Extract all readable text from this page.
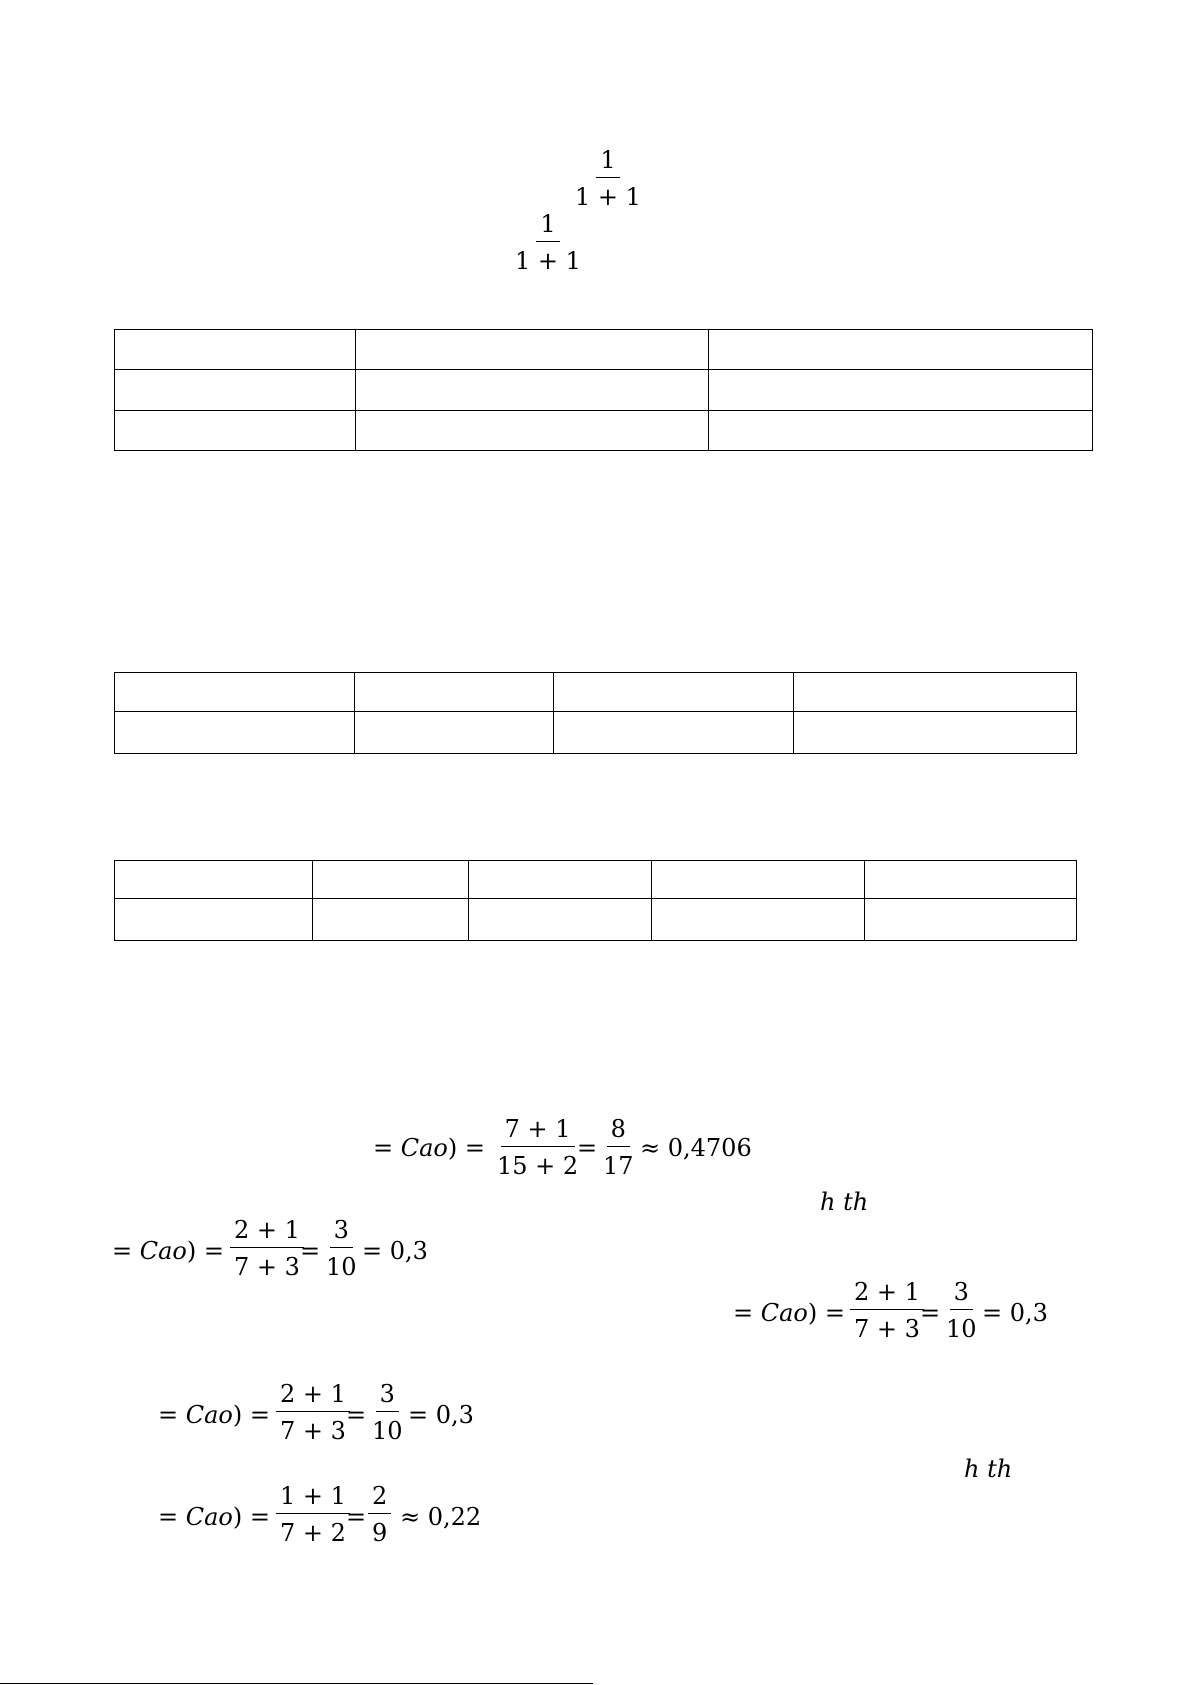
$\frac{1}{1 + 1}$
$\frac{1}{1 + 1}$

= $Cao) = \frac{7 + 1}{15 + 2}$
= $\frac{8}{17} \approx 0,4706$
h th
= $Cao) = \frac{2 + 1}{7 + 3}$
= $\frac{3}{10} = 0,3$
= $Cao) = \frac{2 + 1}{7 + 3}$
= $\frac{3}{10} = 0,3$
= $Cao) = \frac{2 + 1}{7 + 3}$
= $\frac{3}{10} = 0,3$
h th
= $Cao) = \frac{1 + 1}{7 + 2}$
= $\frac{2}{9} \approx 0,22$
